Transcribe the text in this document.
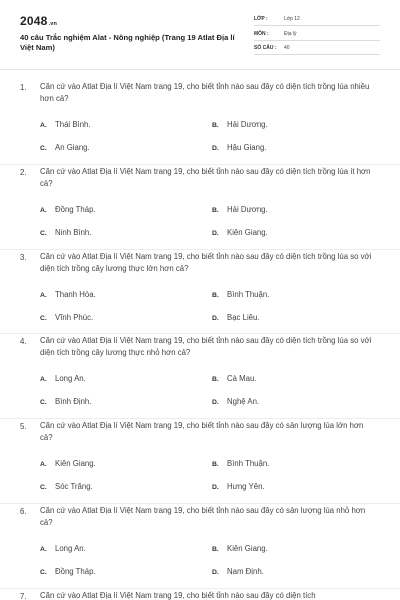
2048.vn
40 câu Trắc nghiệm Alat - Nông nghiệp (Trang 19 Atlat Địa lí Việt Nam)
LỚP :	Lớp 12
MÔN :	Địa lý
SỐ CÂU : 40
1. Căn cứ vào Atlat Địa lí Việt Nam trang 19, cho biết tỉnh nào sau đây có diện tích trồng lúa nhiều hơn cả?
A. Thái Bình.	B. Hải Dương.
C. An Giang.	D. Hậu Giang.
2. Căn cứ vào Atlat Địa lí Việt Nam trang 19, cho biết tỉnh nào sau đây có diện tích trồng lúa ít hơn cả?
A. Đồng Tháp.	B. Hải Dương.
C. Ninh Bình.	D. Kiên Giang.
3. Căn cứ vào Atlat Địa lí Việt Nam trang 19, cho biết tỉnh nào sau đây có diện tích trồng lúa so với diện tích trồng cây lương thực lớn hơn cả?
A. Thanh Hóa.	B. Bình Thuận.
C. Vĩnh Phúc.	D. Bạc Liêu.
4. Căn cứ vào Atlat Địa lí Việt Nam trang 19, cho biết tỉnh nào sau đây có diện tích trồng lúa so với diện tích trồng cây lương thực nhỏ hơn cả?
A. Long An.	B. Cà Mau.
C. Bình Định.	D. Nghệ An.
5. Căn cứ vào Atlat Địa lí Việt Nam trang 19, cho biết tỉnh nào sau đây có sản lượng lúa lớn hơn cả?
A. Kiên Giang.	B. Bình Thuận.
C. Sóc Trăng.	D. Hưng Yên.
6. Căn cứ vào Atlat Địa lí Việt Nam trang 19, cho biết tỉnh nào sau đây có sản lượng lúa nhỏ hơn cả?
A. Long An.	B. Kiên Giang.
C. Đồng Tháp.	D. Nam Định.
7. Căn cứ vào Atlat Địa lí Việt Nam trang 19, cho biết tỉnh nào sau đây có diện tích
